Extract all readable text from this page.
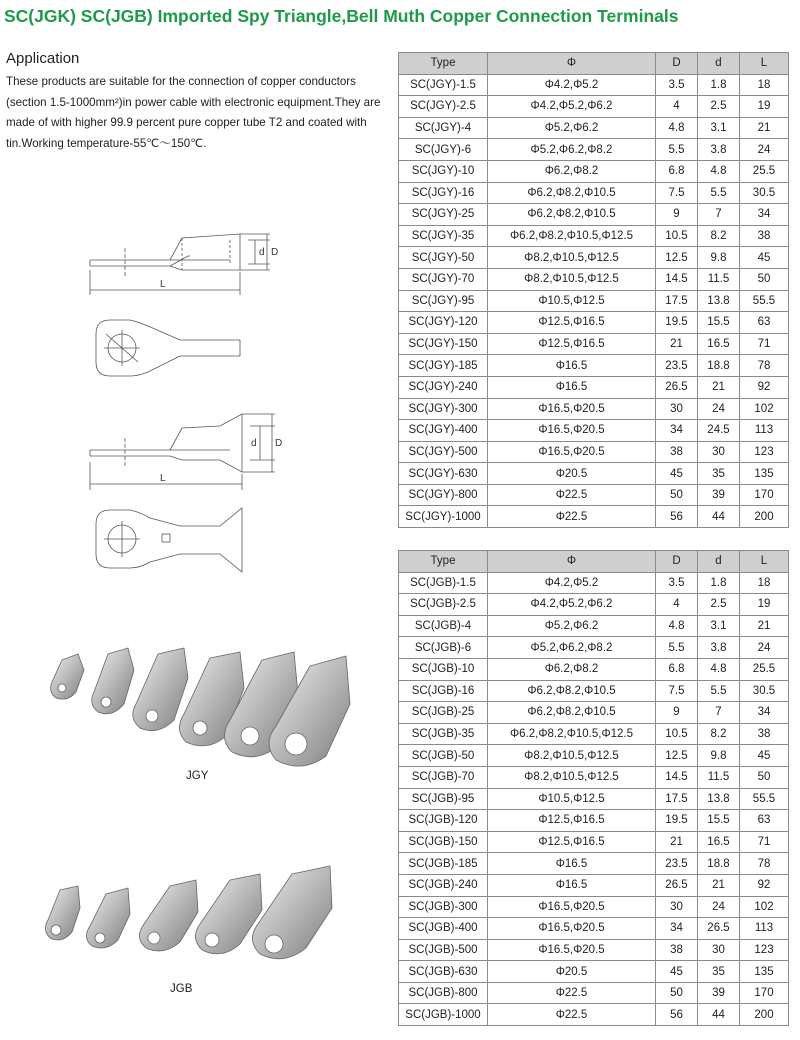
SC(JGK) SC(JGB) Imported Spy Triangle,Bell Muth Copper Connection Terminals
Application
These products are suitable for the connection of copper conductors (section 1.5-1000mm²)in power cable with electronic equipment.They are made of with higher 99.9 percent pure copper tube T2 and coated with tin.Working temperature-55℃～150℃.
d D
L
d D
L
JGY
JGB
Type	Φ	D	d	L
SC(JGY)-1.5	Φ4.2,Φ5.2	3.5	1.8	18
SC(JGY)-2.5	Φ4.2,Φ5.2,Φ6.2	4	2.5	19
SC(JGY)-4	Φ5.2,Φ6.2	4.8	3.1	21
SC(JGY)-6	Φ5.2,Φ6.2,Φ8.2	5.5	3.8	24
SC(JGY)-10	Φ6.2,Φ8.2	6.8	4.8	25.5
SC(JGY)-16	Φ6.2,Φ8.2,Φ10.5	7.5	5.5	30.5
SC(JGY)-25	Φ6.2,Φ8.2,Φ10.5	9	7	34
SC(JGY)-35	Φ6.2,Φ8.2,Φ10.5,Φ12.5	10.5	8.2	38
SC(JGY)-50	Φ8.2,Φ10.5,Φ12.5	12.5	9.8	45
SC(JGY)-70	Φ8.2,Φ10.5,Φ12.5	14.5	11.5	50
SC(JGY)-95	Φ10.5,Φ12.5	17.5	13.8	55.5
SC(JGY)-120	Φ12.5,Φ16.5	19.5	15.5	63
SC(JGY)-150	Φ12.5,Φ16.5	21	16.5	71
SC(JGY)-185	Φ16.5	23.5	18.8	78
SC(JGY)-240	Φ16.5	26.5	21	92
SC(JGY)-300	Φ16.5,Φ20.5	30	24	102
SC(JGY)-400	Φ16.5,Φ20.5	34	24.5	113
SC(JGY)-500	Φ16.5,Φ20.5	38	30	123
SC(JGY)-630	Φ20.5	45	35	135
SC(JGY)-800	Φ22.5	50	39	170
SC(JGY)-1000	Φ22.5	56	44	200
Type	Φ	D	d	L
SC(JGB)-1.5	Φ4.2,Φ5.2	3.5	1.8	18
SC(JGB)-2.5	Φ4.2,Φ5.2,Φ6.2	4	2.5	19
SC(JGB)-4	Φ5.2,Φ6.2	4.8	3.1	21
SC(JGB)-6	Φ5.2,Φ6.2,Φ8.2	5.5	3.8	24
SC(JGB)-10	Φ6.2,Φ8.2	6.8	4.8	25.5
SC(JGB)-16	Φ6.2,Φ8.2,Φ10.5	7.5	5.5	30.5
SC(JGB)-25	Φ6.2,Φ8.2,Φ10.5	9	7	34
SC(JGB)-35	Φ6.2,Φ8.2,Φ10.5,Φ12.5	10.5	8.2	38
SC(JGB)-50	Φ8.2,Φ10.5,Φ12.5	12.5	9.8	45
SC(JGB)-70	Φ8.2,Φ10.5,Φ12.5	14.5	11.5	50
SC(JGB)-95	Φ10.5,Φ12.5	17.5	13.8	55.5
SC(JGB)-120	Φ12.5,Φ16.5	19.5	15.5	63
SC(JGB)-150	Φ12.5,Φ16.5	21	16.5	71
SC(JGB)-185	Φ16.5	23.5	18.8	78
SC(JGB)-240	Φ16.5	26.5	21	92
SC(JGB)-300	Φ16.5,Φ20.5	30	24	102
SC(JGB)-400	Φ16.5,Φ20.5	34	26.5	113
SC(JGB)-500	Φ16.5,Φ20.5	38	30	123
SC(JGB)-630	Φ20.5	45	35	135
SC(JGB)-800	Φ22.5	50	39	170
SC(JGB)-1000	Φ22.5	56	44	200
